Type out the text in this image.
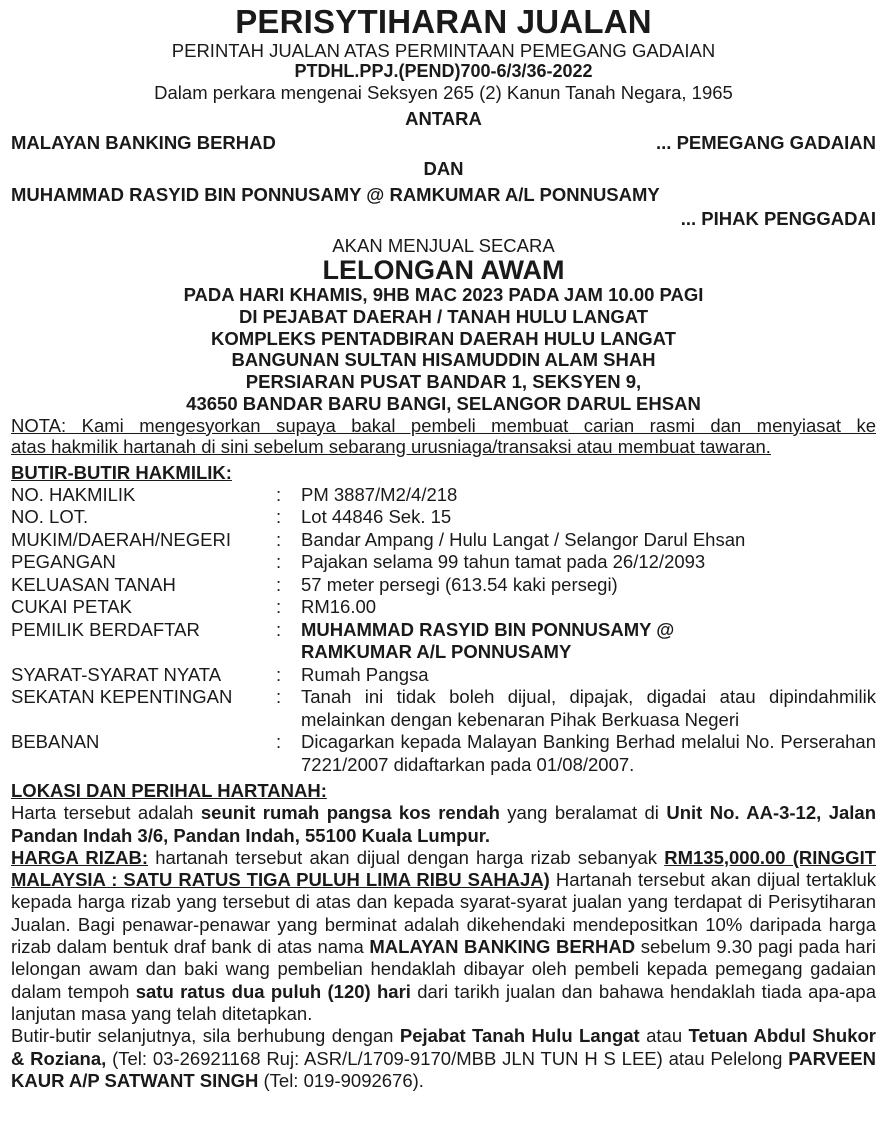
PERISYTIHARAN JUALAN
PERINTAH JUALAN ATAS PERMINTAAN PEMEGANG GADAIAN
PTDHL.PPJ.(PEND)700-6/3/36-2022
Dalam perkara mengenai Seksyen 265 (2) Kanun Tanah Negara, 1965
ANTARA
MALAYAN BANKING BERHAD	... PEMEGANG GADAIAN
DAN
MUHAMMAD RASYID BIN PONNUSAMY @ RAMKUMAR A/L PONNUSAMY
... PIHAK PENGGADAI
AKAN MENJUAL SECARA
LELONGAN AWAM
PADA HARI KHAMIS, 9HB MAC 2023 PADA JAM 10.00 PAGI
DI PEJABAT DAERAH / TANAH HULU LANGAT
KOMPLEKS PENTADBIRAN DAERAH HULU LANGAT
BANGUNAN SULTAN HISAMUDDIN ALAM SHAH
PERSIARAN PUSAT BANDAR 1, SEKSYEN 9,
43650 BANDAR BARU BANGI, SELANGOR DARUL EHSAN
NOTA: Kami mengesyorkan supaya bakal pembeli membuat carian rasmi dan menyiasat ke
atas hakmilik hartanah di sini sebelum sebarang urusniaga/transaksi atau membuat tawaran.
BUTIR-BUTIR HAKMILIK:
NO. HAKMILIK	:	PM 3887/M2/4/218
NO. LOT.	:	Lot 44846 Sek. 15
MUKIM/DAERAH/NEGERI	:	Bandar Ampang / Hulu Langat / Selangor Darul Ehsan
PEGANGAN	:	Pajakan selama 99 tahun tamat pada 26/12/2093
KELUASAN TANAH	:	57 meter persegi (613.54 kaki persegi)
CUKAI PETAK	:	RM16.00
PEMILIK BERDAFTAR	:	MUHAMMAD RASYID BIN PONNUSAMY @
RAMKUMAR A/L PONNUSAMY

SYARAT-SYARAT NYATA	:	Rumah Pangsa
SEKATAN KEPENTINGAN	:	Tanah ini tidak boleh dijual, dipajak, digadai atau dipindahmilik melainkan dengan kebenaran Pihak Berkuasa Negeri
BEBANAN	:	Dicagarkan kepada Malayan Banking Berhad melalui No. Perserahan 7221/2007 didaftarkan pada 01/08/2007.
LOKASI DAN PERIHAL HARTANAH:

Harta tersebut adalah seunit rumah pangsa kos rendah yang beralamat di Unit No. AA-3-12, Jalan Pandan Indah 3/6, Pandan Indah, 55100 Kuala Lumpur.

HARGA RIZAB: hartanah tersebut akan dijual dengan harga rizab sebanyak RM135,000.00 (RINGGIT MALAYSIA : SATU RATUS TIGA PULUH LIMA RIBU SAHAJA) Hartanah tersebut akan dijual tertakluk kepada harga rizab yang tersebut di atas dan kepada syarat-syarat jualan yang terdapat di Perisytiharan Jualan. Bagi penawar-penawar yang berminat adalah dikehendaki mendepositkan 10% daripada harga rizab dalam bentuk draf bank di atas nama MALAYAN BANKING BERHAD sebelum 9.30 pagi pada hari lelongan awam dan baki wang pembelian hendaklah dibayar oleh pembeli kepada pemegang gadaian dalam tempoh satu ratus dua puluh (120) hari dari tarikh jualan dan bahawa hendaklah tiada apa-apa lanjutan masa yang telah ditetapkan.

Butir-butir selanjutnya, sila berhubung dengan Pejabat Tanah Hulu Langat atau Tetuan Abdul Shukor & Roziana, (Tel: 03-26921168 Ruj: ASR/L/1709-9170/MBB JLN TUN H S LEE) atau Pelelong PARVEEN KAUR A/P SATWANT SINGH (Tel: 019-9092676).
